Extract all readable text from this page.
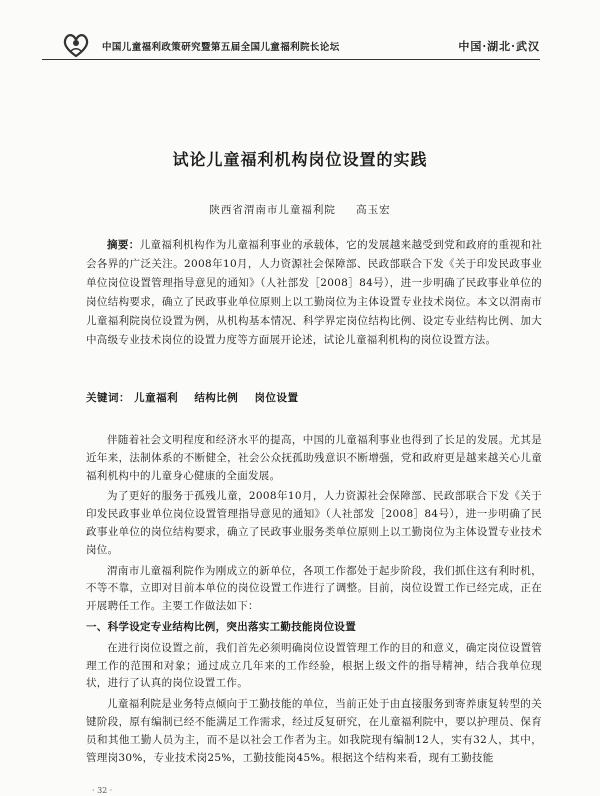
中国儿童福利政策研究暨第五届全国儿童福利院长论坛	中国·湖北·武汉
试论儿童福利机构岗位设置的实践
陕西省渭南市儿童福利院 高玉宏

摘要：儿童福利机构作为儿童福利事业的承载体，它的发展越来越受到党和政府的重视和社会各界的广泛关注。2008年10月，人力资源社会保障部、民政部联合下发《关于印发民政事业单位岗位设置管理指导意见的通知》（人社部发［2008］84号），进一步明确了民政事业单位的岗位结构要求，确立了民政事业单位原则上以工勤岗位为主体设置专业技术岗位。本文以渭南市儿童福利院岗位设置为例，从机构基本情况、科学界定岗位结构比例、设定专业结构比例、加大中高级专业技术岗位的设置力度等方面展开论述，试论儿童福利机构的岗位设置方法。

关键词： 儿童福利 结构比例 岗位设置

伴随着社会文明程度和经济水平的提高，中国的儿童福利事业也得到了长足的发展。尤其是近年来，法制体系的不断健全，社会公众抚孤助残意识不断增强，党和政府更是越来越关心儿童福利机构中的儿童身心健康的全面发展。

为了更好的服务于孤残儿童，2008年10月，人力资源社会保障部、民政部联合下发《关于印发民政事业单位岗位设置管理指导意见的通知》（人社部发［2008］84号），进一步明确了民政事业单位的岗位结构要求，确立了民政事业服务类单位原则上以工勤岗位为主体设置专业技术岗位。

渭南市儿童福利院作为刚成立的新单位，各项工作都处于起步阶段，我们抓住这有利时机，不等不靠，立即对目前本单位的岗位设置工作进行了调整。目前，岗位设置工作已经完成，正在开展聘任工作。主要工作做法如下：

一、科学设定专业结构比例，突出落实工勤技能岗位设置

在进行岗位设置之前，我们首先必须明确岗位设置管理工作的目的和意义，确定岗位设置管理工作的范围和对象；通过成立几年来的工作经验，根据上级文件的指导精神，结合我单位现状，进行了认真的岗位设置工作。

儿童福利院是业务特点倾向于工勤技能的单位，当前正处于由直接服务到寄养康复转型的关键阶段，原有编制已经不能满足工作需求，经过反复研究，在儿童福利院中，要以护理员、保育员和其他工勤人员为主，而不是以社会工作者为主。如我院现有编制12人，实有32人，其中，管理岗30%，专业技术岗25%，工勤技能岗45%。根据这个结构来看，现有工勤技能

· 32 ·
